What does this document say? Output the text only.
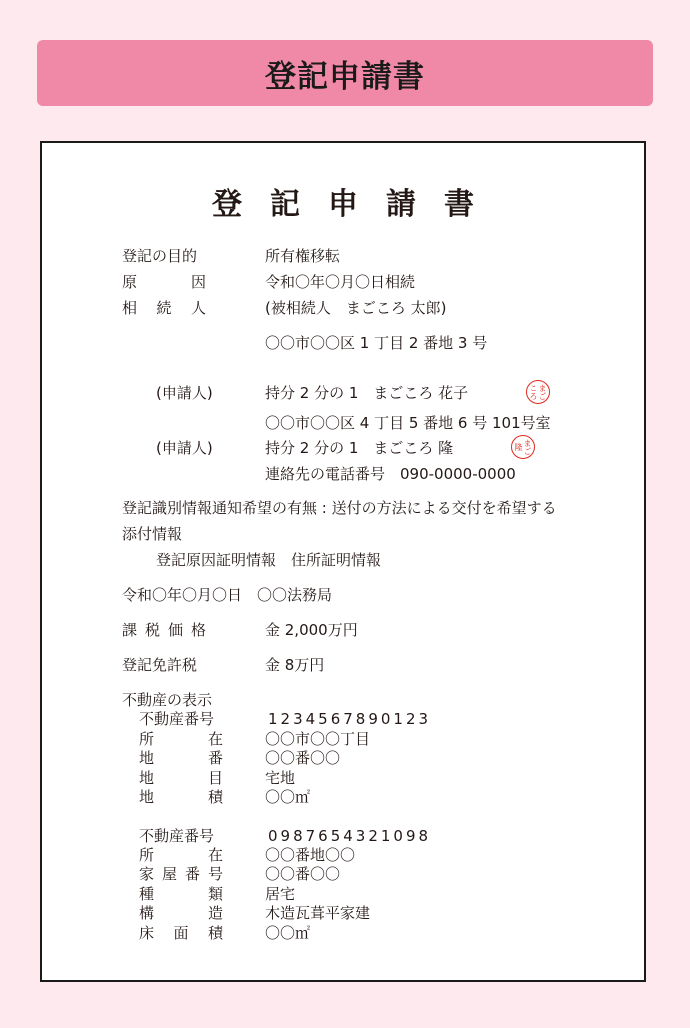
登記申請書
登記申請書
登記の目的	所有権移転
原	因	令和〇年〇月〇日相続
相 続 人	(被相続人　まごころ 太郎)
〇〇市〇〇区 1 丁目 2 番地 3 号
(申請人)	持分 2 分の 1　まごころ 花子	まごころ
〇〇市〇〇区 4 丁目 5 番地 6 号 101号室
(申請人)	持分 2 分の 1　まごころ 隆	まご隆
連絡先の電話番号　090-0000-0000
登記識別情報通知希望の有無 : 送付の方法による交付を希望する
添付情報
登記原因証明情報　住所証明情報
令和〇年〇月〇日　〇〇法務局
課 税 価 格	金 2,000万円
登記免許税	金 8万円
不動産の表示
不動産番号	1234567890123
所	在	〇〇市〇〇丁目
地	番	〇〇番〇〇
地	目	宅地
地	積	〇〇㎡
不動産番号	0987654321098
所	在	〇〇番地〇〇
家 屋 番 号	〇〇番〇〇
種	類	居宅
構	造	木造瓦葺平家建
床 面 積	〇〇㎡
